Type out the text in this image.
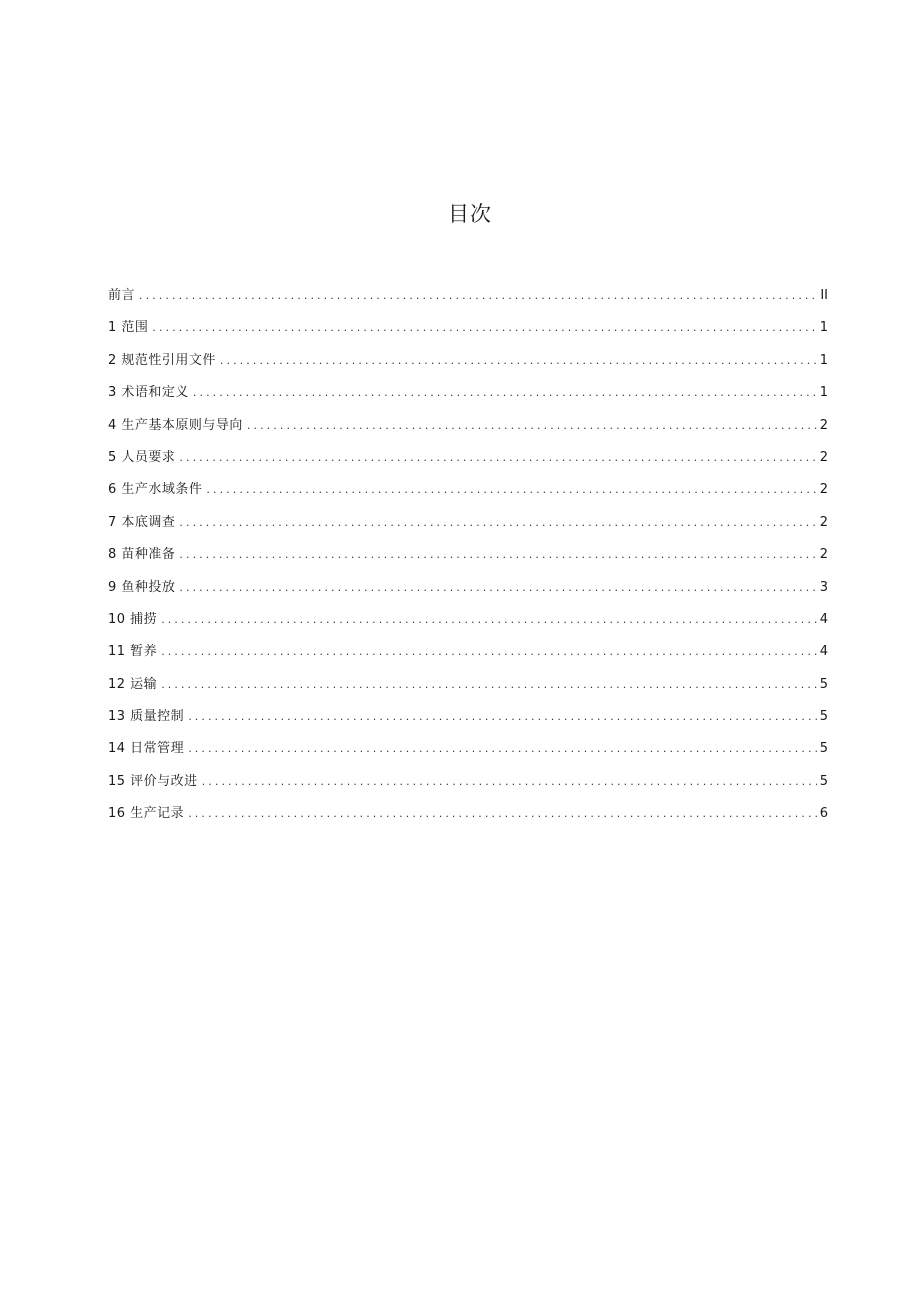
目次
前言 . . .	II
1 范围 . . .	1
2 规范性引用文件 . . .	1
3 术语和定义 . . .	1
4 生产基本原则与导向 . . .	2
5 人员要求 . . .	2
6 生产水域条件 . . .	2
7 本底调查 . . .	2
8 苗种准备 . . .	2
9 鱼种投放 . . .	3
10 捕捞 . . .	4
11 暂养 . . .	4
12 运输 . . .	5
13 质量控制 . . .	5
14 日常管理 . . .	5
15 评价与改进 . . .	5
16 生产记录 . . .	6
